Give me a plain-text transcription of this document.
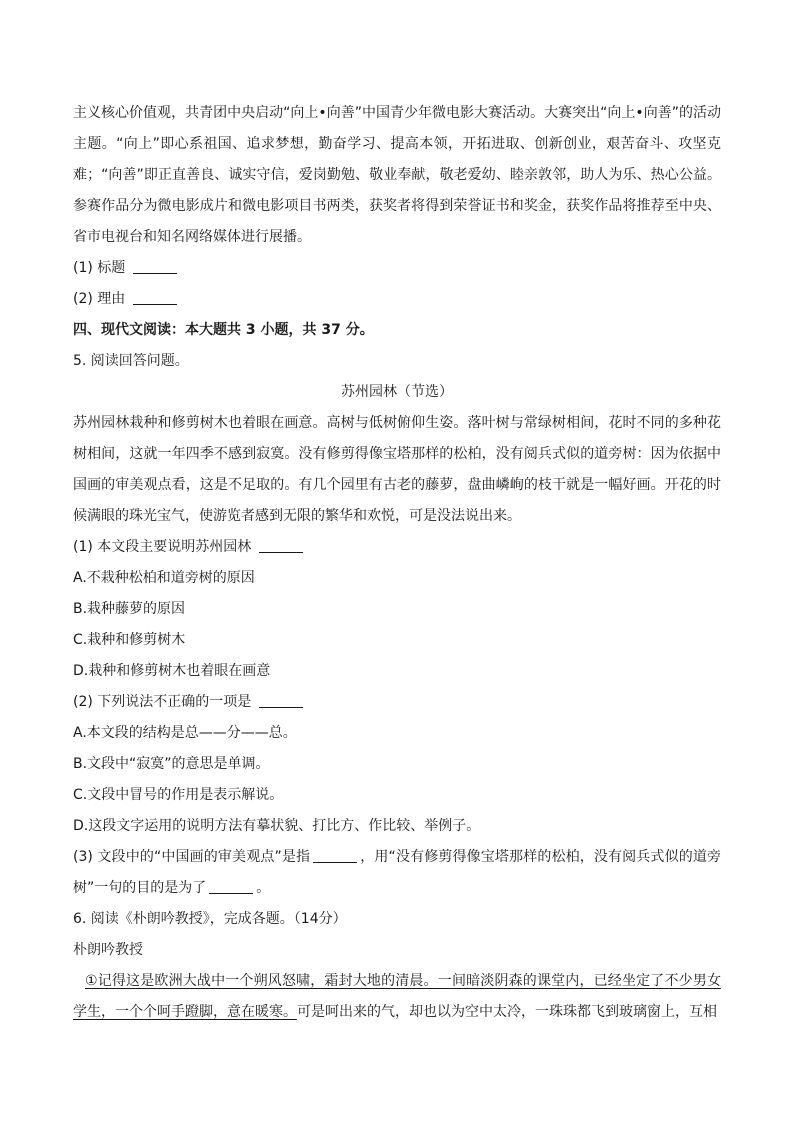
主义核心价值观，共青团中央启动“向上•向善”中国青少年微电影大赛活动。大赛突出“向上•向善”的活动主题。“向上”即心系祖国、追求梦想，勤奋学习、提高本领，开拓进取、创新创业，艰苦奋斗、攻坚克难；“向善”即正直善良、诚实守信，爱岗勤勉、敬业奉献，敬老爱幼、睦亲敦邻，助人为乐、热心公益。参赛作品分为微电影成片和微电影项目书两类，获奖者将得到荣誉证书和奖金，获奖作品将推荐至中央、省市电视台和知名网络媒体进行展播。
(1) 标题
(2) 理由
四、现代文阅读：本大题共 3 小题，共 37 分。
5. 阅读回答问题。
苏州园林（节选）
苏州园林栽种和修剪树木也着眼在画意。高树与低树俯仰生姿。落叶树与常绿树相间，花时不同的多种花树相间，这就一年四季不感到寂寞。没有修剪得像宝塔那样的松柏，没有阅兵式似的道旁树：因为依据中国画的审美观点看，这是不足取的。有几个园里有古老的藤萝，盘曲嶙峋的枝干就是一幅好画。开花的时候满眼的珠光宝气，使游览者感到无限的繁华和欢悦，可是没法说出来。
(1) 本文段主要说明苏州园林
A.不栽种松柏和道旁树的原因
B.栽种藤萝的原因
C.栽种和修剪树木
D.栽种和修剪树木也着眼在画意
(2) 下列说法不正确的一项是
A.本文段的结构是总——分——总。
B.文段中“寂寞”的意思是单调。
C.文段中冒号的作用是表示解说。
D.这段文字运用的说明方法有摹状貌、打比方、作比较、举例子。
(3) 文段中的“中国画的审美观点”是指	，用“没有修剪得像宝塔那样的松柏，没有阅兵式似的道旁树”一句的目的是为了	。
6. 阅读《朴朗吟教授》，完成各题。（14分）
朴朗吟教授
①记得这是欧洲大战中一个朔风怒啸，霜封大地的清晨。一间暗淡阴森的课堂内，已经坐定了不少男女学生，一个个呵手蹬脚，意在暖寒。可是呵出来的气，却也以为空中太冷，一珠珠都飞到玻璃窗上，互相
